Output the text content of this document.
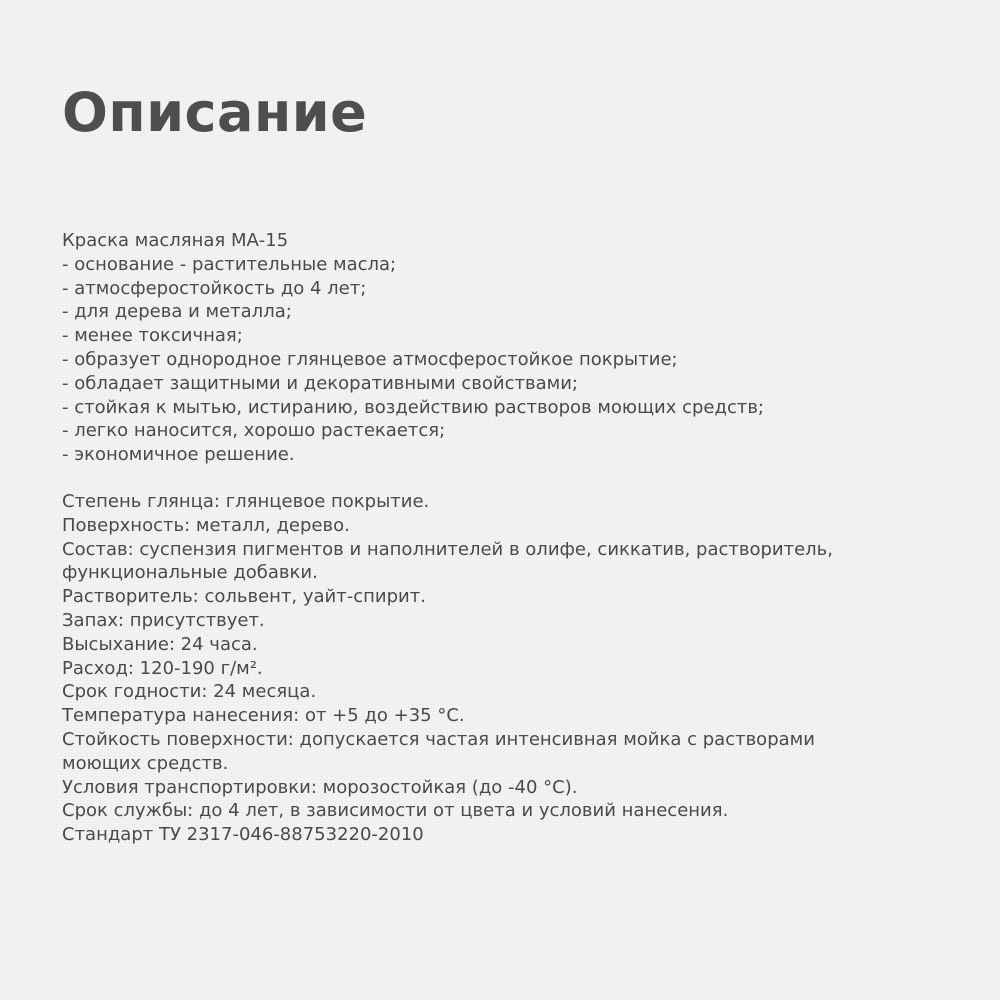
Описание
Краска масляная МА-15
- основание - растительные масла;
- атмосферостойкость до 4 лет;
- для дерева и металла;
- менее токсичная;
- образует однородное глянцевое атмосферостойкое покрытие;
- обладает защитными и декоративными свойствами;
- стойкая к мытью, истиранию, воздействию растворов моющих средств;
- легко наносится, хорошо растекается;
- экономичное решение.
Степень глянца: глянцевое покрытие.
Поверхность: металл, дерево.
Состав: суспензия пигментов и наполнителей в олифе, сиккатив, растворитель,
функциональные добавки.
Растворитель: сольвент, уайт-спирит.
Запах: присутствует.
Высыхание: 24 часа.
Расход: 120-190 г/м².
Срок годности: 24 месяца.
Температура нанесения: от +5 до +35 °С.
Стойкость поверхности: допускается частая интенсивная мойка с растворами
моющих средств.
Условия транспортировки: морозостойкая (до -40 °С).
Срок службы: до 4 лет, в зависимости от цвета и условий нанесения.
Стандарт ТУ 2317-046-88753220-2010
